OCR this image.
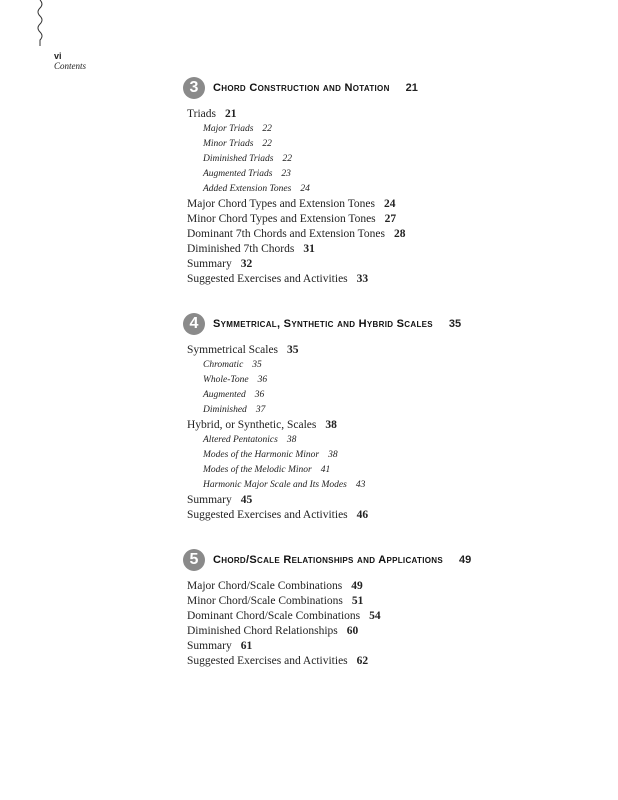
vi
Contents
3	Chord Construction and Notation 21
Triads 21
Major Triads 22
Minor Triads 22
Diminished Triads 22
Augmented Triads 23
Added Extension Tones 24
Major Chord Types and Extension Tones 24
Minor Chord Types and Extension Tones 27
Dominant 7th Chords and Extension Tones 28
Diminished 7th Chords 31
Summary 32
Suggested Exercises and Activities 33
4	Symmetrical, Synthetic and Hybrid Scales 35
Symmetrical Scales 35
Chromatic 35
Whole-Tone 36
Augmented 36
Diminished 37
Hybrid, or Synthetic, Scales 38
Altered Pentatonics 38
Modes of the Harmonic Minor 38
Modes of the Melodic Minor 41
Harmonic Major Scale and Its Modes 43
Summary 45
Suggested Exercises and Activities 46
5	Chord/Scale Relationships and Applications 49
Major Chord/Scale Combinations 49
Minor Chord/Scale Combinations 51
Dominant Chord/Scale Combinations 54
Diminished Chord Relationships 60
Summary 61
Suggested Exercises and Activities 62
